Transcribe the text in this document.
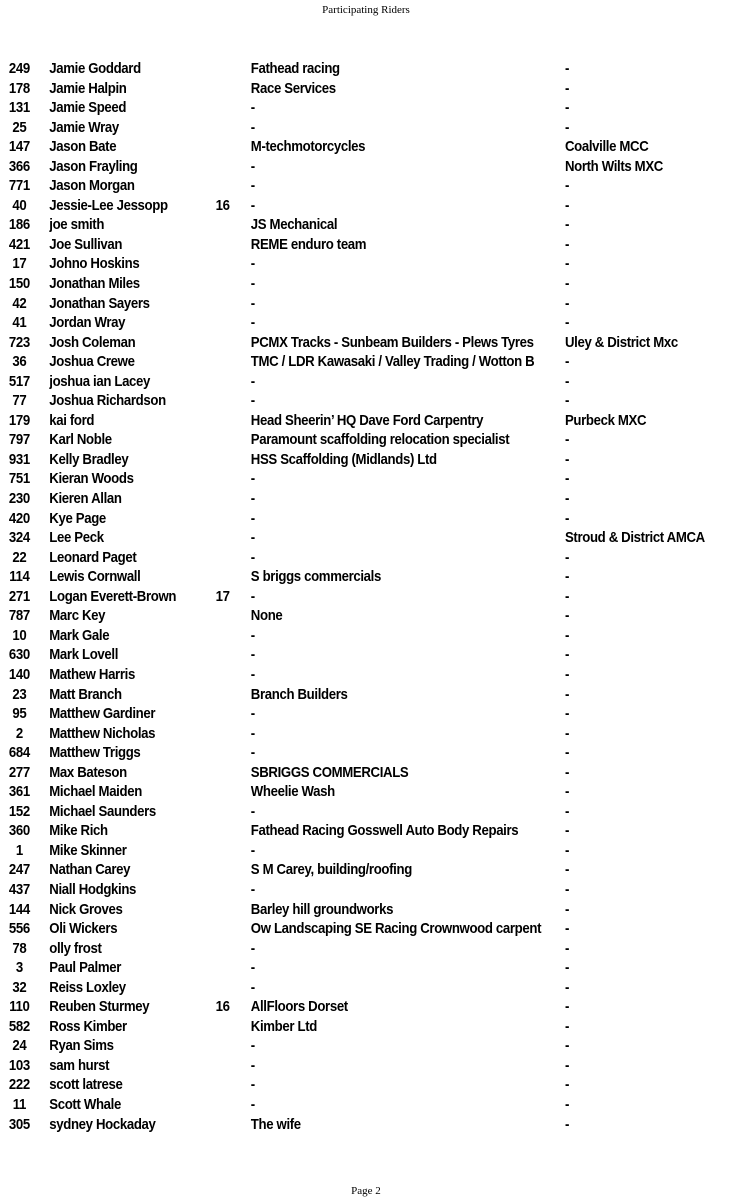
Participating Riders
249	Jamie Goddard	Fathead racing	-
178	Jamie Halpin	Race Services	-
131	Jamie Speed	-	-
25	Jamie Wray	-	-
147	Jason Bate	M-techmotorcycles	Coalville MCC
366	Jason Frayling	-	North Wilts MXC
771	Jason Morgan	-	-
40	Jessie-Lee Jessopp	16	-	-
186	joe smith	JS Mechanical	-
421	Joe Sullivan	REME enduro team	-
17	Johno Hoskins	-	-
150	Jonathan Miles	-	-
42	Jonathan Sayers	-	-
41	Jordan Wray	-	-
723	Josh Coleman	PCMX Tracks - Sunbeam Builders - Plews Tyres	Uley & District Mxc
36	Joshua Crewe	TMC / LDR Kawasaki / Valley Trading / Wotton B	-
517	joshua ian Lacey	-	-
77	Joshua Richardson	-	-
179	kai ford	Head Sheerin’ HQ Dave Ford Carpentry	Purbeck MXC
797	Karl Noble	Paramount scaffolding relocation specialist	-
931	Kelly Bradley	HSS Scaffolding (Midlands) Ltd	-
751	Kieran Woods	-	-
230	Kieren Allan	-	-
420	Kye Page	-	-
324	Lee Peck	-	Stroud & District AMCA
22	Leonard Paget	-	-
114	Lewis Cornwall	S briggs commercials	-
271	Logan Everett-Brown	17	-	-
787	Marc Key	None	-
10	Mark Gale	-	-
630	Mark Lovell	-	-
140	Mathew Harris	-	-
23	Matt Branch	Branch Builders	-
95	Matthew Gardiner	-	-
2	Matthew Nicholas	-	-
684	Matthew Triggs	-	-
277	Max Bateson	SBRIGGS COMMERCIALS	-
361	Michael Maiden	Wheelie Wash	-
152	Michael Saunders	-	-
360	Mike Rich	Fathead Racing Gosswell Auto Body Repairs	-
1	Mike Skinner	-	-
247	Nathan Carey	S M Carey, building/roofing	-
437	Niall Hodgkins	-	-
144	Nick Groves	Barley hill groundworks	-
556	Oli Wickers	Ow Landscaping SE Racing Crownwood carpent	-
78	olly frost	-	-
3	Paul Palmer	-	-
32	Reiss Loxley	-	-
110	Reuben Sturmey	16	AllFloors Dorset	-
582	Ross Kimber	Kimber Ltd	-
24	Ryan Sims	-	-
103	sam hurst	-	-
222	scott latrese	-	-
11	Scott Whale	-	-
305	sydney Hockaday	The wife	-
Page 2
